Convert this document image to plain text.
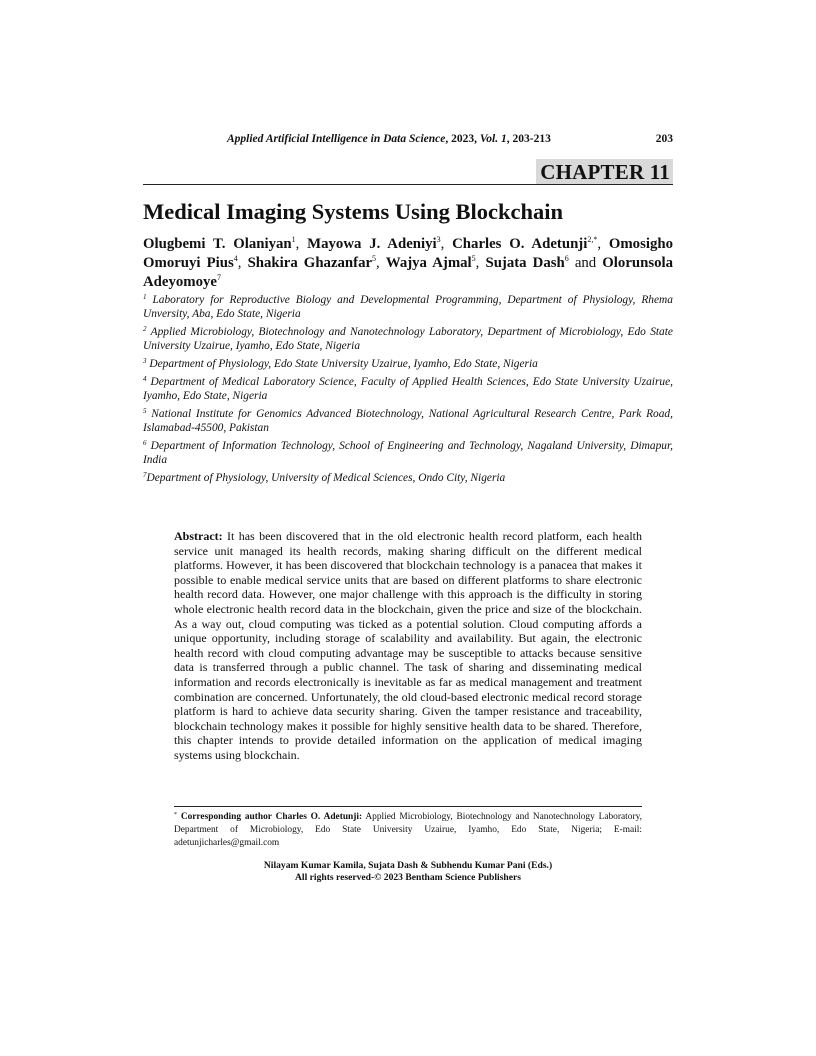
Applied Artificial Intelligence in Data Science, 2023, Vol. 1, 203-213	203
CHAPTER 11
Medical Imaging Systems Using Blockchain
Olugbemi T. Olaniyan$^1$, Mayowa J. Adeniyi$^3$, Charles O. Adetunji$^{2,*}$, Omosigho Omoruyi Pius$^4$, Shakira Ghazanfar$^5$, Wajya Ajmal$^5$, Sujata Dash$^6$ and Olorunsola Adeyomoye$^7$
$^1$ Laboratory for Reproductive Biology and Developmental Programming, Department of Physiology, Rhema Unversity, Aba, Edo State, Nigeria
$^2$ Applied Microbiology, Biotechnology and Nanotechnology Laboratory, Department of Microbiology, Edo State University Uzairue, Iyamho, Edo State, Nigeria
$^3$ Department of Physiology, Edo State University Uzairue, Iyamho, Edo State, Nigeria
$^4$ Department of Medical Laboratory Science, Faculty of Applied Health Sciences, Edo State University Uzairue, Iyamho, Edo State, Nigeria
$^5$ National Institute for Genomics Advanced Biotechnology, National Agricultural Research Centre, Park Road, Islamabad-45500, Pakistan
$^6$ Department of Information Technology, School of Engineering and Technology, Nagaland University, Dimapur, India
$^7$Department of Physiology, University of Medical Sciences, Ondo City, Nigeria
Abstract: It has been discovered that in the old electronic health record platform, each health service unit managed its health records, making sharing difficult on the different medical platforms. However, it has been discovered that blockchain technology is a panacea that makes it possible to enable medical service units that are based on different platforms to share electronic health record data. However, one major challenge with this approach is the difficulty in storing whole electronic health record data in the blockchain, given the price and size of the blockchain. As a way out, cloud computing was ticked as a potential solution. Cloud computing affords a unique opportunity, including storage of scalability and availability. But again, the electronic health record with cloud computing advantage may be susceptible to attacks because sensitive data is transferred through a public channel. The task of sharing and disseminating medical information and records electronically is inevitable as far as medical management and treatment combination are concerned. Unfortunately, the old cloud-based electronic medical record storage platform is hard to achieve data security sharing. Given the tamper resistance and traceability, blockchain technology makes it possible for highly sensitive health data to be shared. Therefore, this chapter intends to provide detailed information on the application of medical imaging systems using blockchain.
* Corresponding author Charles O. Adetunji: Applied Microbiology, Biotechnology and Nanotechnology Laboratory, Department of Microbiology, Edo State University Uzairue, Iyamho, Edo State, Nigeria; E-mail: adetunjicharles@gmail.com
Nilayam Kumar Kamila, Sujata Dash & Subhendu Kumar Pani (Eds.)
All rights reserved-© 2023 Bentham Science Publishers
